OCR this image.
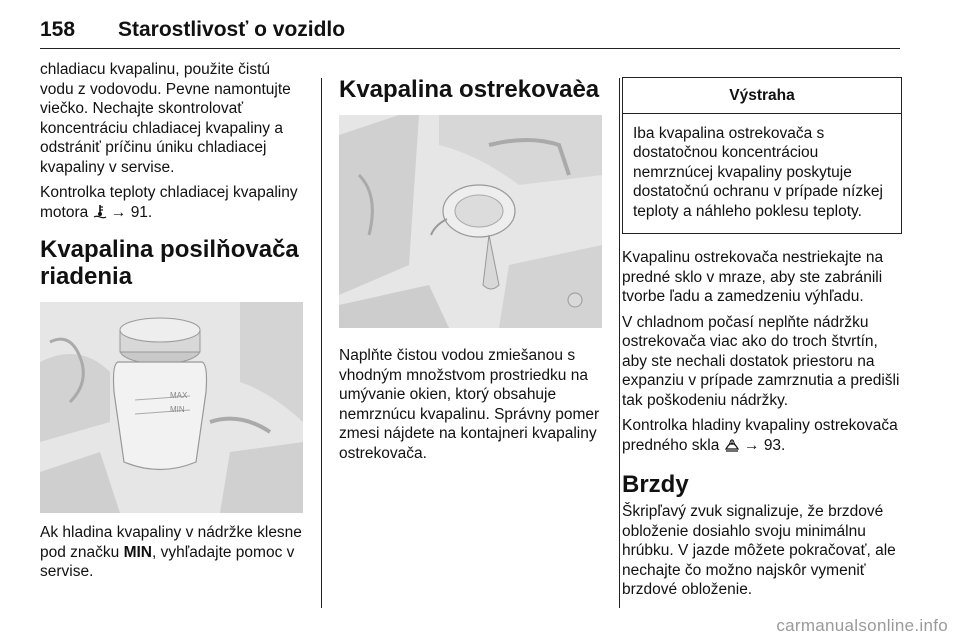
158 Starostlivosť o vozidlo

chladiacu kvapalinu, použite čistú vodu z vodovodu. Pevne namontujte viečko. Nechajte skontrolovať koncentráciu chladiacej kvapaliny a odstrániť príčinu úniku chladiacej kvapaliny v servise.

Kontrolka teploty chladiacej kvapaliny motora → 91.

Kvapalina posilňovača riadenia
MAX
MIN

Ak hladina kvapaliny v nádržke klesne pod značku MIN, vyhľadajte pomoc v servise.

Kvapalina ostrekovaèa

Naplňte čistou vodou zmiešanou s vhodným množstvom prostriedku na umývanie okien, ktorý obsahuje nemrznúcu kvapalinu. Správny pomer zmesi nájdete na kontajneri kvapaliny ostrekovača.

Výstraha
Iba kvapalina ostrekovača s dostatočnou koncentráciou nemrznúcej kvapaliny poskytuje dostatočnú ochranu v prípade nízkej teploty a náhleho poklesu teploty.

Kvapalinu ostrekovača nestriekajte na predné sklo v mraze, aby ste zabránili tvorbe ľadu a zamedzeniu výhľadu.

V chladnom počasí neplňte nádržku ostrekovača viac ako do troch štvrtín, aby ste nechali dostatok priestoru na expanziu v prípade zamrznutia a predišli tak poškodeniu nádržky.

Kontrolka hladiny kvapaliny ostrekovača predného skla → 93.

Brzdy

Škripľavý zvuk signalizuje, že brzdové obloženie dosiahlo svoju minimálnu hrúbku. V jazde môžete pokračovať, ale nechajte čo možno najskôr vymeniť brzdové obloženie.

carmanualsonline.info
